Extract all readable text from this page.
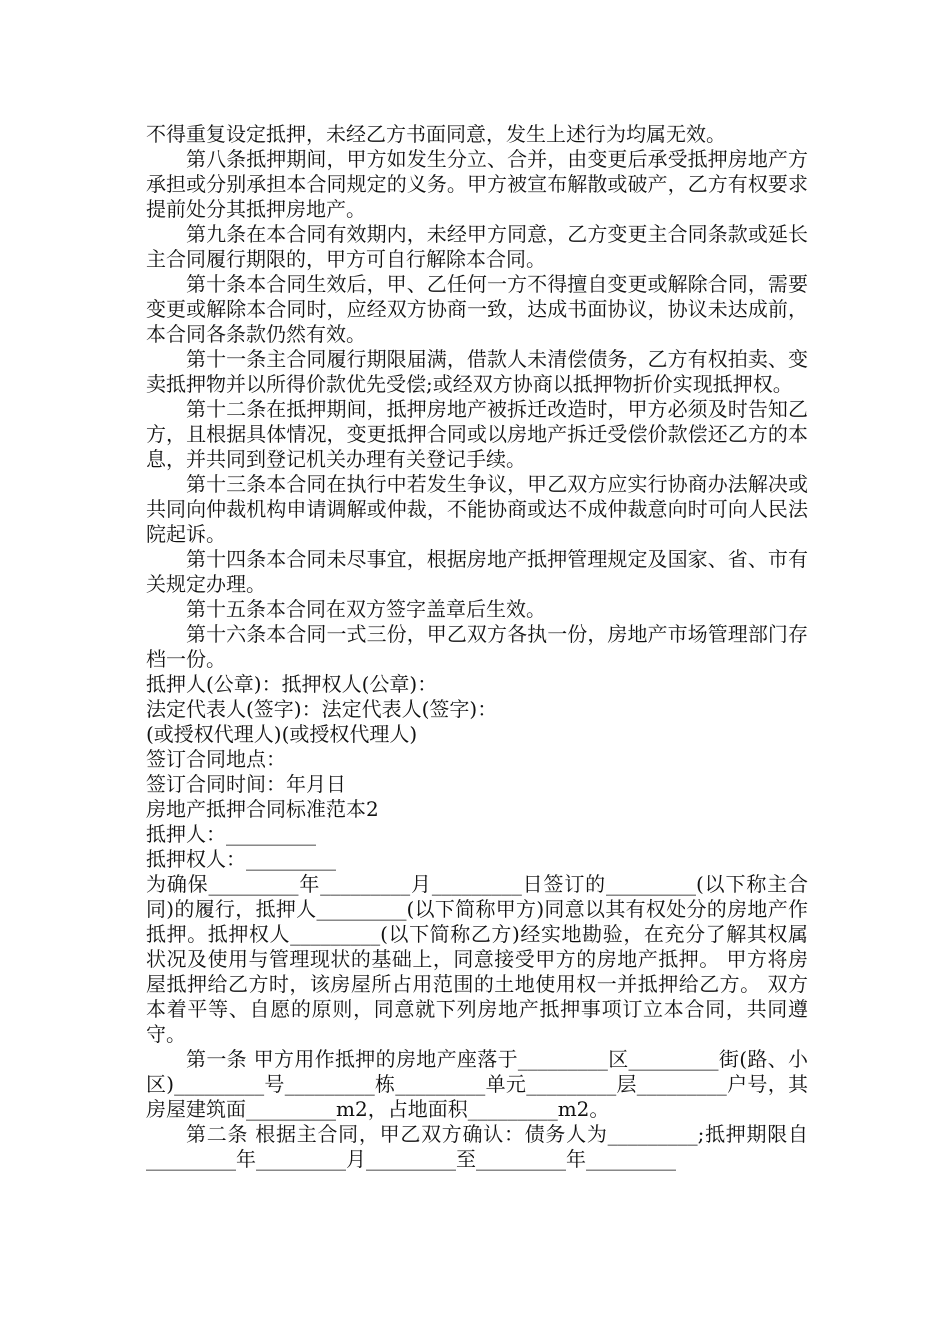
不得重复设定抵押，未经乙方书面同意，发生上述行为均属无效。

第八条抵押期间，甲方如发生分立、合并，由变更后承受抵押房地产方承担或分别承担本合同规定的义务。甲方被宣布解散或破产，乙方有权要求提前处分其抵押房地产。

第九条在本合同有效期内，未经甲方同意，乙方变更主合同条款或延长主合同履行期限的，甲方可自行解除本合同。

第十条本合同生效后，甲、乙任何一方不得擅自变更或解除合同，需要变更或解除本合同时，应经双方协商一致，达成书面协议，协议未达成前，本合同各条款仍然有效。

第十一条主合同履行期限届满，借款人未清偿债务，乙方有权拍卖、变卖抵押物并以所得价款优先受偿;或经双方协商以抵押物折价实现抵押权。

第十二条在抵押期间，抵押房地产被拆迁改造时，甲方必须及时告知乙方，且根据具体情况，变更抵押合同或以房地产拆迁受偿价款偿还乙方的本息，并共同到登记机关办理有关登记手续。

第十三条本合同在执行中若发生争议，甲乙双方应实行协商办法解决或共同向仲裁机构申请调解或仲裁，不能协商或达不成仲裁意向时可向人民法院起诉。

第十四条本合同未尽事宜，根据房地产抵押管理规定及国家、省、市有关规定办理。

第十五条本合同在双方签字盖章后生效。

第十六条本合同一式三份，甲乙双方各执一份，房地产市场管理部门存档一份。

抵押人(公章)：抵押权人(公章)：

法定代表人(签字)：法定代表人(签字)：

(或授权代理人)(或授权代理人)

签订合同地点：

签订合同时间：年月日

房地产抵押合同标准范本2

抵押人：_________

抵押权人：_________

为确保_________年_________月_________日签订的_________(以下称主合同)的履行，抵押人_________(以下简称甲方)同意以其有权处分的房地产作抵押。抵押权人_________(以下简称乙方)经实地勘验，在充分了解其权属状况及使用与管理现状的基础上，同意接受甲方的房地产抵押。 甲方将房屋抵押给乙方时，该房屋所占用范围的土地使用权一并抵押给乙方。 双方本着平等、自愿的原则，同意就下列房地产抵押事项订立本合同，共同遵守。

第一条 甲方用作抵押的房地产座落于_________区_________街(路、小区)_________号_________栋_________单元_________层_________户号，其房屋建筑面_________m2，占地面积_________m2。

第二条 根据主合同，甲乙双方确认：债务人为_________;抵押期限自_________年_________月_________至_________年_________
